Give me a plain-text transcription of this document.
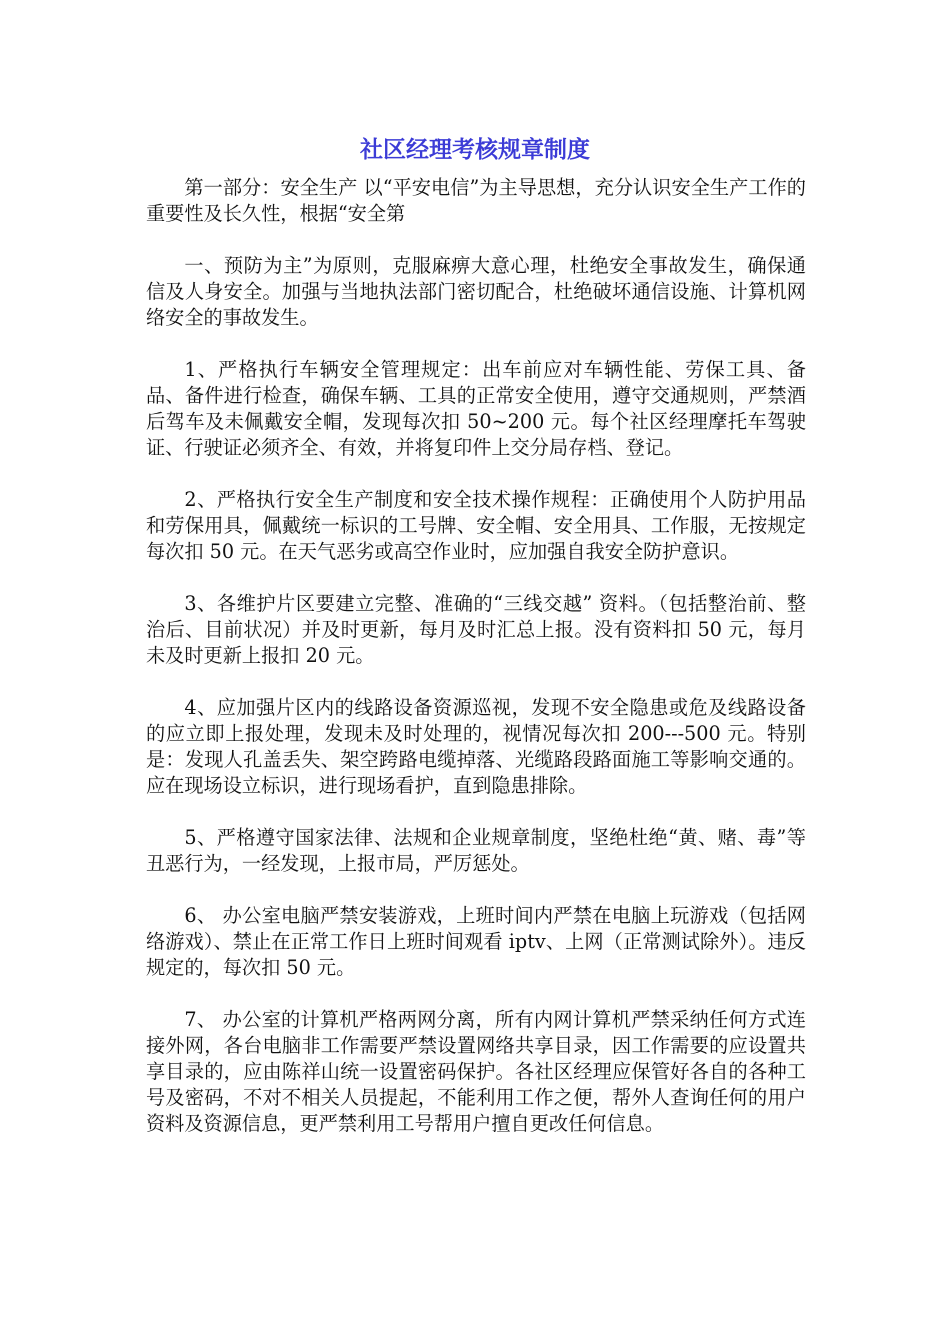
社区经理考核规章制度

第一部分：安全生产 以“平安电信”为主导思想，充分认识安全生产工作的重要性及长久性，根据“安全第

一、预防为主”为原则，克服麻痹大意心理，杜绝安全事故发生，确保通信及人身安全。加强与当地执法部门密切配合，杜绝破坏通信设施、计算机网络安全的事故发生。

1、严格执行车辆安全管理规定：出车前应对车辆性能、劳保工具、备品、备件进行检查，确保车辆、工具的正常安全使用，遵守交通规则，严禁酒后驾车及未佩戴安全帽，发现每次扣 50~200 元。每个社区经理摩托车驾驶证、行驶证必须齐全、有效，并将复印件上交分局存档、登记。

2、严格执行安全生产制度和安全技术操作规程：正确使用个人防护用品和劳保用具，佩戴统一标识的工号牌、安全帽、安全用具、工作服，无按规定每次扣 50 元。在天气恶劣或高空作业时，应加强自我安全防护意识。

3、各维护片区要建立完整、准确的“三线交越” 资料。（包括整治前、整治后、目前状况）并及时更新，每月及时汇总上报。没有资料扣 50 元，每月未及时更新上报扣 20 元。

4、应加强片区内的线路设备资源巡视，发现不安全隐患或危及线路设备的应立即上报处理，发现未及时处理的，视情况每次扣 200---500 元。特别是：发现人孔盖丢失、架空跨路电缆掉落、光缆路段路面施工等影响交通的。应在现场设立标识，进行现场看护，直到隐患排除。

5、严格遵守国家法律、法规和企业规章制度，坚绝杜绝“黄、赌、毒”等丑恶行为，一经发现，上报市局，严厉惩处。

6、 办公室电脑严禁安装游戏，上班时间内严禁在电脑上玩游戏（包括网络游戏）、禁止在正常工作日上班时间观看 iptv、上网（正常测试除外）。违反规定的，每次扣 50 元。

7、 办公室的计算机严格两网分离，所有内网计算机严禁采纳任何方式连接外网，各台电脑非工作需要严禁设置网络共享目录，因工作需要的应设置共享目录的，应由陈祥山统一设置密码保护。各社区经理应保管好各自的各种工号及密码，不对不相关人员提起，不能利用工作之便，帮外人查询任何的用户资料及资源信息，更严禁利用工号帮用户擅自更改任何信息。
